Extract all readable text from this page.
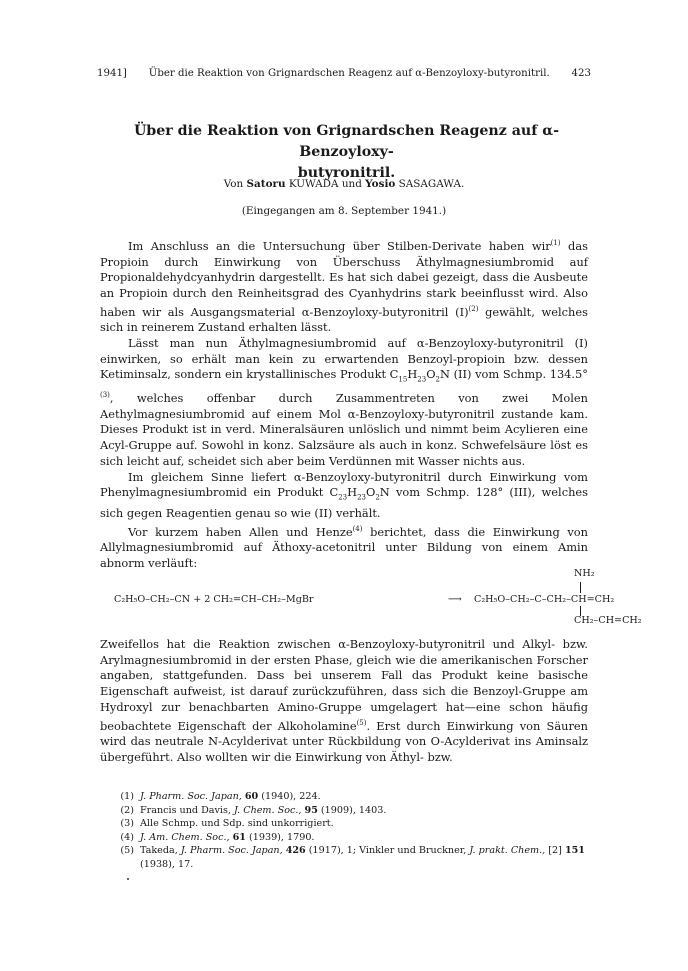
1941] Über die Reaktion von Grignardschen Reagenz auf α-Benzoyloxy-butyronitril. 423
Über die Reaktion von Grignardschen Reagenz auf α-Benzoyloxy-
butyronitril.
Von Satoru KUWADA und Yosio SASAGAWA.
(Eingegangen am 8. September 1941.)

Im Anschluss an die Untersuchung über Stilben-Derivate haben wir$^{(1)}$ das Propioin durch Einwirkung von Überschuss Äthylmagnesiumbromid auf Propionaldehydcyanhydrin dargestellt. Es hat sich dabei gezeigt, dass die Ausbeute an Propioin durch den Reinheitsgrad des Cyanhydrins stark beeinflusst wird. Also haben wir als Ausgangsmaterial α-Benzoyloxy-butyronitril $(I)^{(2)}$ gewählt, welches sich in reinerem Zustand erhalten lässt.

Lässt man nun Äthylmagnesiumbromid auf α-Benzoyloxy-butyronitril (I) einwirken, so erhält man kein zu erwartenden Benzoyl-propioin bzw. dessen Ketiminsalz, sondern ein krystallinisches Produkt $C_{15}H_{23}O_2N$ (II) vom Schmp. 134.5°$^{(3)}$, welches offenbar durch Zusammentreten von zwei Molen Aethylmagnesiumbromid auf einem Mol α-Benzoyloxy-butyronitril zustande kam. Dieses Produkt ist in verd. Mineralsäuren unlöslich und nimmt beim Acylieren eine Acyl-Gruppe auf. Sowohl in konz. Salzsäure als auch in konz. Schwefelsäure löst es sich leicht auf, scheidet sich aber beim Verdünnen mit Wasser nichts aus.

Im gleichem Sinne liefert α-Benzoyloxy-butyronitril durch Einwirkung vom Phenylmagnesiumbromid ein Produkt $C_{23}H_{23}O_2N$ vom Schmp. 128° (III), welches sich gegen Reagentien genau so wie (II) verhält.

Vor kurzem haben Allen und Henze$^{(4)}$ berichtet, dass die Einwirkung von Allylmagnesiumbromid auf Äthoxy-acetonitril unter Bildung von einem Amin abnorm verläuft:

NH₂
C₂H₅O–CH₂–CN + 2 CH₂=CH–CH₂–MgBr	⟶ C₂H₅O–CH₂–C–CH₂–CH=CH₂
CH₂–CH=CH₂

Zweifellos hat die Reaktion zwischen α-Benzoyloxy-butyronitril und Alkyl- bzw. Arylmagnesiumbromid in der ersten Phase, gleich wie die amerikanischen Forscher angaben, stattgefunden. Dass bei unserem Fall das Produkt keine basische Eigenschaft aufweist, ist darauf zurückzuführen, dass sich die Benzoyl-Gruppe am Hydroxyl zur benachbarten Amino-Gruppe umgelagert hat—eine schon häufig beobachtete Eigenschaft der Alkoholamine$^{(5)}$. Erst durch Einwirkung von Säuren wird das neutrale N-Acylderivat unter Rückbildung von O-Acylderivat ins Aminsalz übergeführt. Also wollten wir die Einwirkung von Äthyl- bzw.

(1) J. Pharm. Soc. Japan, 60 (1940), 224.
(2) Francis und Davis, J. Chem. Soc., 95 (1909), 1403.
(3) Alle Schmp. und Sdp. sind unkorrigiert.
(4) J. Am. Chem. Soc., 61 (1939), 1790.
(5) Takeda, J. Pharm. Soc. Japan, 426 (1917), 1; Vinkler und Bruckner, J. prakt. Chem., [2] 151 (1938), 17.
